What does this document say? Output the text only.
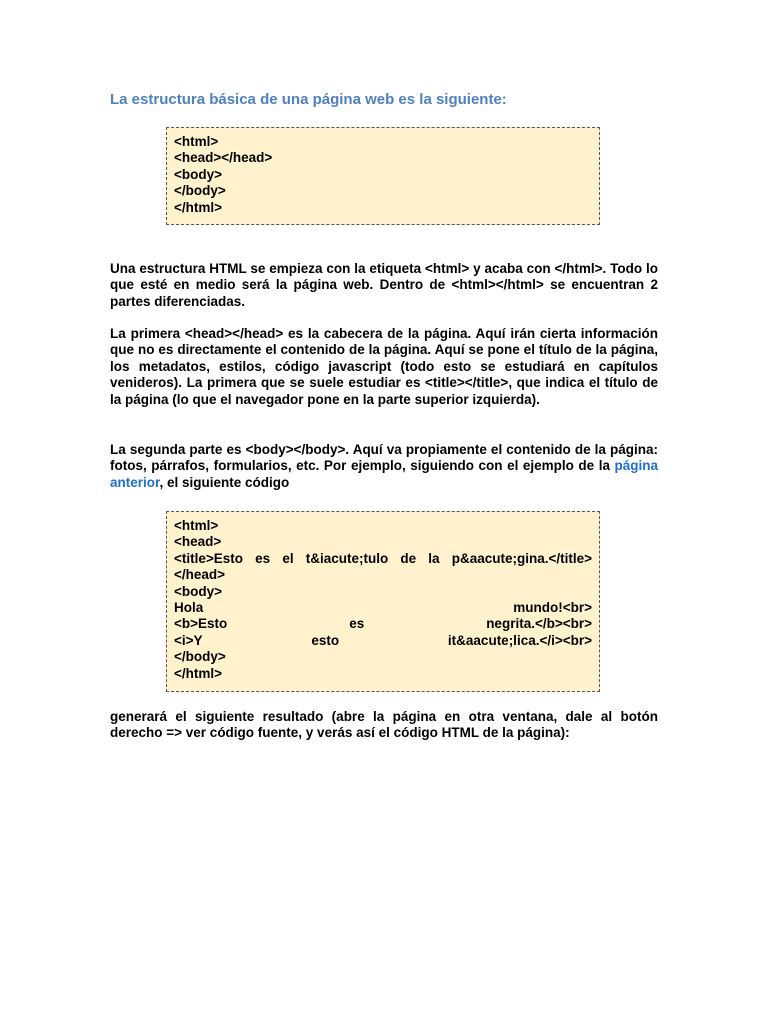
La estructura básica de una página web es la siguiente:
<html>
<head></head>
<body>
</body>
</html>

Una estructura HTML se empieza con la etiqueta <html> y acaba con </html>. Todo lo que esté en medio será la página web. Dentro de <html></html> se encuentran 2 partes diferenciadas.

La primera <head></head> es la cabecera de la página. Aquí irán cierta información que no es directamente el contenido de la página. Aquí se pone el título de la página, los metadatos, estilos, código javascript (todo esto se estudiará en capítulos venideros). La primera que se suele estudiar es <title></title>, que indica el título de la página (lo que el navegador pone en la parte superior izquierda).

La segunda parte es <body></body>. Aquí va propiamente el contenido de la página: fotos, párrafos, formularios, etc. Por ejemplo, siguiendo con el ejemplo de la página anterior, el siguiente código

<html>
<head>
<title>Esto es el t&iacute;tulo de la p&aacute;gina.</title>
</head>
<body>
Hola	mundo!<br>
<b>Esto	es	negrita.</b><br>
<i>Y	esto	it&aacute;lica.</i><br>
</body>
</html>

generará el siguiente resultado (abre la página en otra ventana, dale al botón derecho => ver código fuente, y verás así el código HTML de la página):
